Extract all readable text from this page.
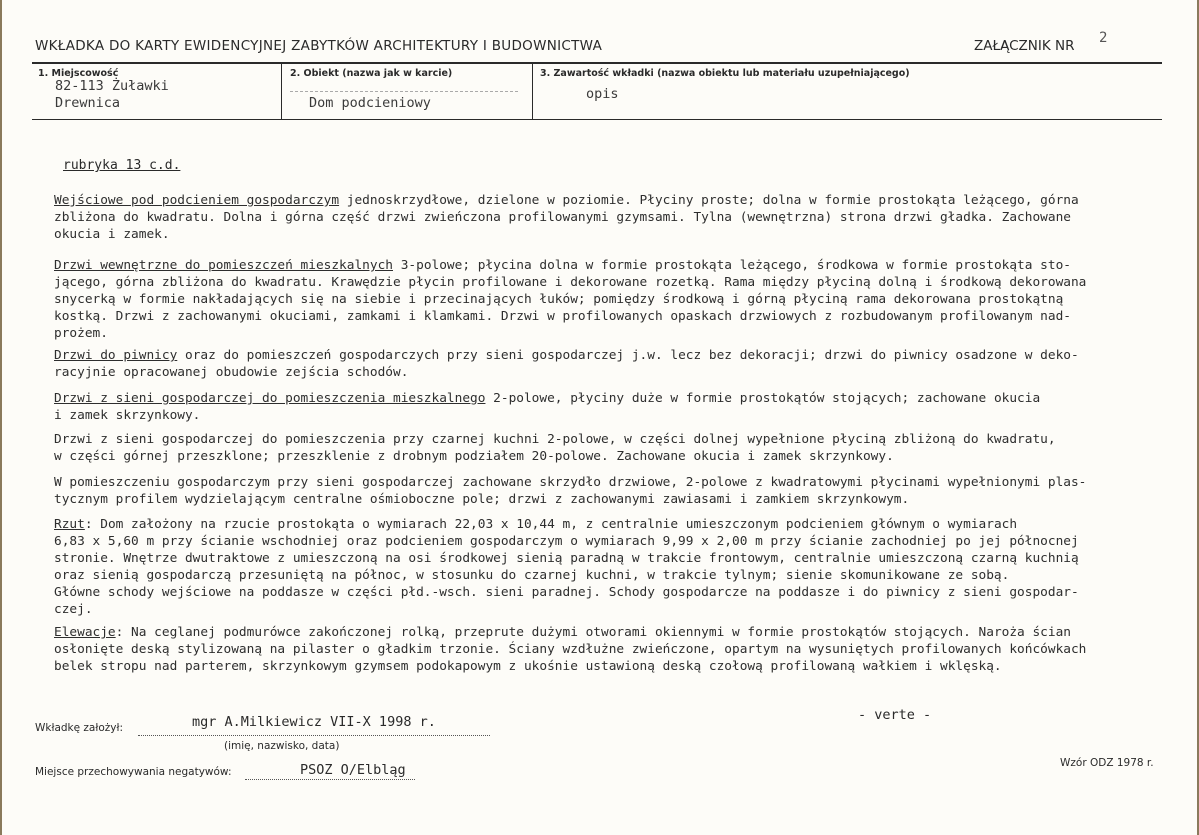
WKŁADKA DO KARTY EWIDENCYJNEJ ZABYTKÓW ARCHITEKTURY I BUDOWNICTWA	ZAŁĄCZNIK NR 2
1. Miejscowość
82-113 Żuławki
Drewnica
2. Obiekt (nazwa jak w karcie)
Dom podcieniowy
3. Zawartość wkładki (nazwa obiektu lub materiału uzupełniającego)
opis
rubryka 13 c.d.

Wejściowe pod podcieniem gospodarczym jednoskrzydłowe, dzielone w poziomie. Płyciny proste; dolna w formie prostokąta leżącego, górna
zbliżona do kwadratu. Dolna i górna część drzwi zwieńczona profilowanymi gzymsami. Tylna (wewnętrzna) strona drzwi gładka. Zachowane
okucia i zamek.

Drzwi wewnętrzne do pomieszczeń mieszkalnych 3-polowe; płycina dolna w formie prostokąta leżącego, środkowa w formie prostokąta sto-
jącego, górna zbliżona do kwadratu. Krawędzie płycin profilowane i dekorowane rozetką. Rama między płyciną dolną i środkową dekorowana
snycerką w formie nakładających się na siebie i przecinających łuków; pomiędzy środkową i górną płyciną rama dekorowana prostokątną
kostką. Drzwi z zachowanymi okuciami, zamkami i klamkami. Drzwi w profilowanych opaskach drzwiowych z rozbudowanym profilowanym nad-
prożem.

Drzwi do piwnicy oraz do pomieszczeń gospodarczych przy sieni gospodarczej j.w. lecz bez dekoracji; drzwi do piwnicy osadzone w deko-
racyjnie opracowanej obudowie zejścia schodów.

Drzwi z sieni gospodarczej do pomieszczenia mieszkalnego 2-polowe, płyciny duże w formie prostokątów stojących; zachowane okucia
i zamek skrzynkowy.

Drzwi z sieni gospodarczej do pomieszczenia przy czarnej kuchni 2-polowe, w części dolnej wypełnione płyciną zbliżoną do kwadratu,
w części górnej przeszklone; przeszklenie z drobnym podziałem 20-polowe. Zachowane okucia i zamek skrzynkowy.

W pomieszczeniu gospodarczym przy sieni gospodarczej zachowane skrzydło drzwiowe, 2-polowe z kwadratowymi płycinami wypełnionymi plas-
tycznym profilem wydzielającym centralne ośmioboczne pole; drzwi z zachowanymi zawiasami i zamkiem skrzynkowym.

Rzut: Dom założony na rzucie prostokąta o wymiarach 22,03 x 10,44 m, z centralnie umieszczonym podcieniem głównym o wymiarach
6,83 x 5,60 m przy ścianie wschodniej oraz podcieniem gospodarczym o wymiarach 9,99 x 2,00 m przy ścianie zachodniej po jej północnej
stronie. Wnętrze dwutraktowe z umieszczoną na osi środkowej sienią paradną w trakcie frontowym, centralnie umieszczoną czarną kuchnią
oraz sienią gospodarczą przesuniętą na północ, w stosunku do czarnej kuchni, w trakcie tylnym; sienie skomunikowane ze sobą.
Główne schody wejściowe na poddasze w części płd.-wsch. sieni paradnej. Schody gospodarcze na poddasze i do piwnicy z sieni gospodar-
czej.

Elewacje: Na ceglanej podmurówce zakończonej rolką, przeprute dużymi otworami okiennymi w formie prostokątów stojących. Naroża ścian
osłonięte deską stylizowaną na pilaster o gładkim trzonie. Ściany wzdłużne zwieńczone, opartym na wysuniętych profilowanych końcówkach
belek stropu nad parterem, skrzynkowym gzymsem podokapowym z ukośnie ustawioną deską czołową profilowaną wałkiem i wklęską.

Wkładkę założył:	mgr A.Milkiewicz VII-X 1998 r.
(imię, nazwisko, data)
- verte -
Miejsce przechowywania negatywów:	PSOZ O/Elbląg	Wzór ODZ 1978 r.
